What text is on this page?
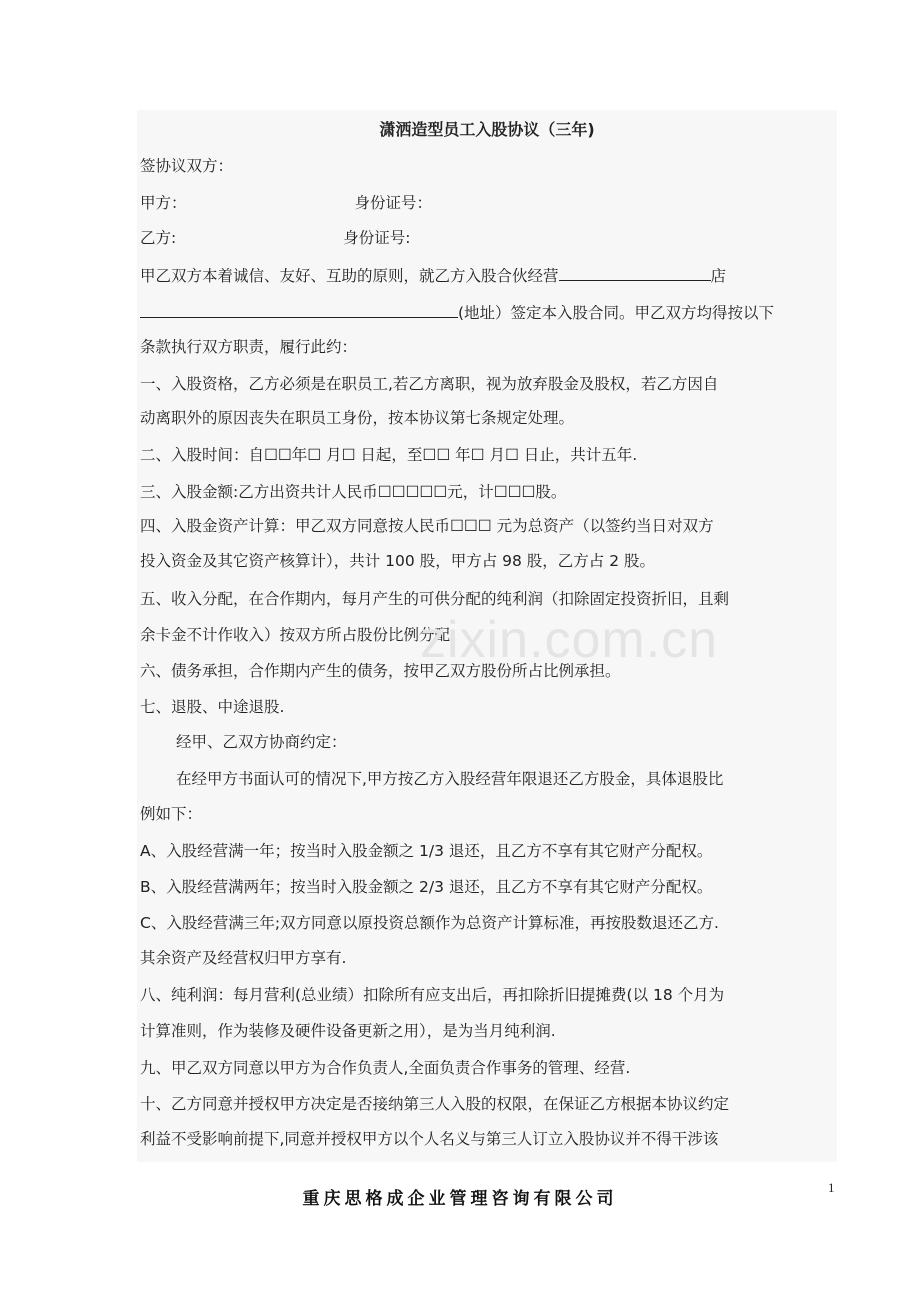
潇洒造型员工入股协议（三年)
签协议双方：
甲方：	身份证号：
乙方:	身份证号:
甲乙双方本着诚信、友好、互助的原则，就乙方入股合伙经营	店
(地址）签定本入股合同。甲乙双方均得按以下
条款执行双方职责，履行此约：
一、入股资格，乙方必须是在职员工,若乙方离职，视为放弃股金及股权，若乙方因自
动离职外的原因丧失在职员工身份，按本协议第七条规定处理。
二、入股时间：自☐☐年☐ 月☐ 日起，至☐☐ 年☐ 月☐ 日止，共计五年.
三、入股金额:乙方出资共计人民币☐☐☐☐☐元，计☐☐☐股。
四、入股金资产计算：甲乙双方同意按人民币☐☐☐ 元为总资产（以签约当日对双方
投入资金及其它资产核算计），共计 100 股，甲方占 98 股，乙方占 2 股。
五、收入分配，在合作期内，每月产生的可供分配的纯利润（扣除固定投资折旧，且剩
余卡金不计作收入）按双方所占股份比例分配。
六、债务承担，合作期内产生的债务，按甲乙双方股份所占比例承担。
七、退股、中途退股.
经甲、乙双方协商约定：
在经甲方书面认可的情况下,甲方按乙方入股经营年限退还乙方股金，具体退股比
例如下：
A、入股经营满一年；按当时入股金额之 1/3 退还，且乙方不享有其它财产分配权。
B、入股经营满两年；按当时入股金额之 2/3 退还，且乙方不享有其它财产分配权。
C、入股经营满三年;双方同意以原投资总额作为总资产计算标准，再按股数退还乙方.
其余资产及经营权归甲方享有.
八、纯利润：每月营利(总业绩）扣除所有应支出后，再扣除折旧提摊费(以 18 个月为
计算准则，作为装修及硬件设备更新之用），是为当月纯利润.
九、甲乙双方同意以甲方为合作负责人,全面负责合作事务的管理、经营.
十、乙方同意并授权甲方决定是否接纳第三人入股的权限，在保证乙方根据本协议约定
利益不受影响前提下,同意并授权甲方以个人名义与第三人订立入股协议并不得干涉该
zixin.com.cn
重庆思格成企业管理咨询有限公司
1
